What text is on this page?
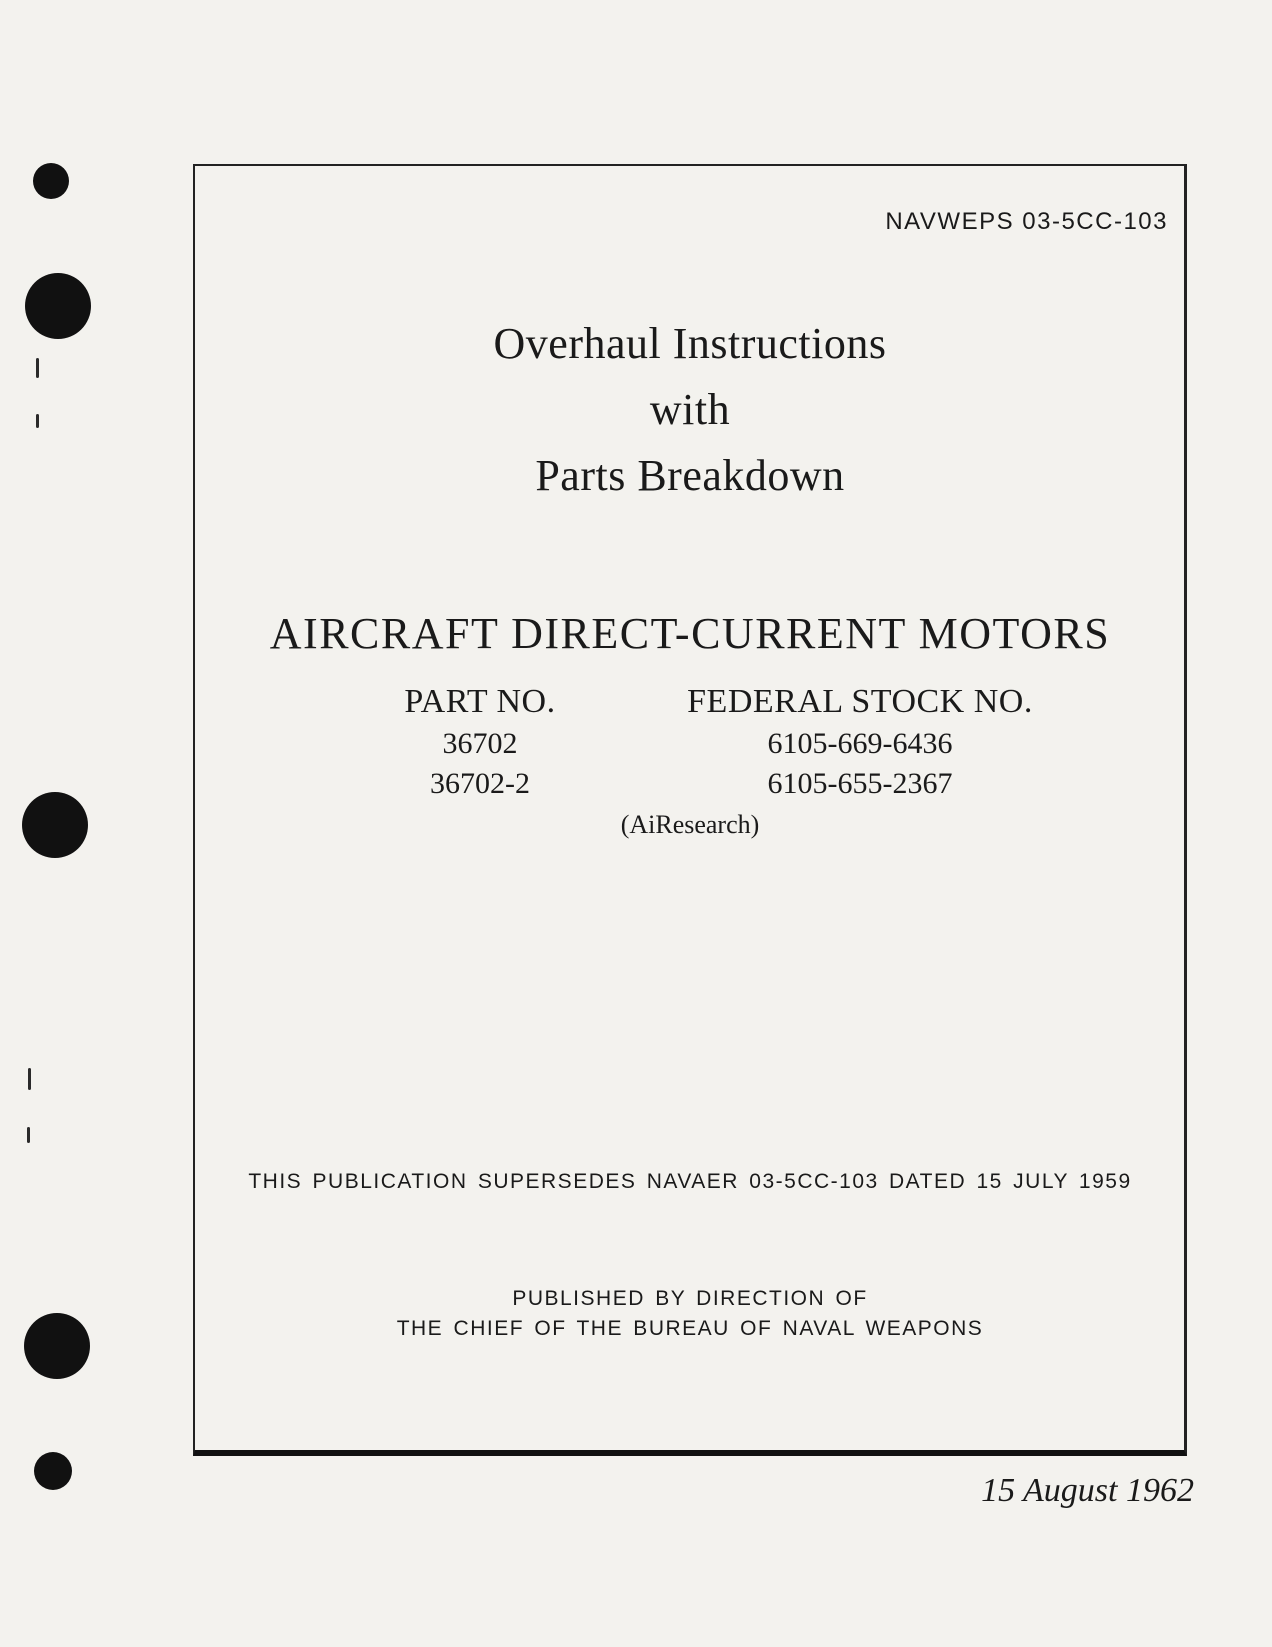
NAVWEPS 03-5CC-103
Overhaul Instructions
with
Parts Breakdown
AIRCRAFT DIRECT-CURRENT MOTORS
PART NO.
36702
36702-2
FEDERAL STOCK NO.
6105-669-6436
6105-655-2367
(AiResearch)
THIS PUBLICATION SUPERSEDES NAVAER 03-5CC-103 DATED 15 JULY 1959
PUBLISHED BY DIRECTION OF
THE CHIEF OF THE BUREAU OF NAVAL WEAPONS
15 August 1962
